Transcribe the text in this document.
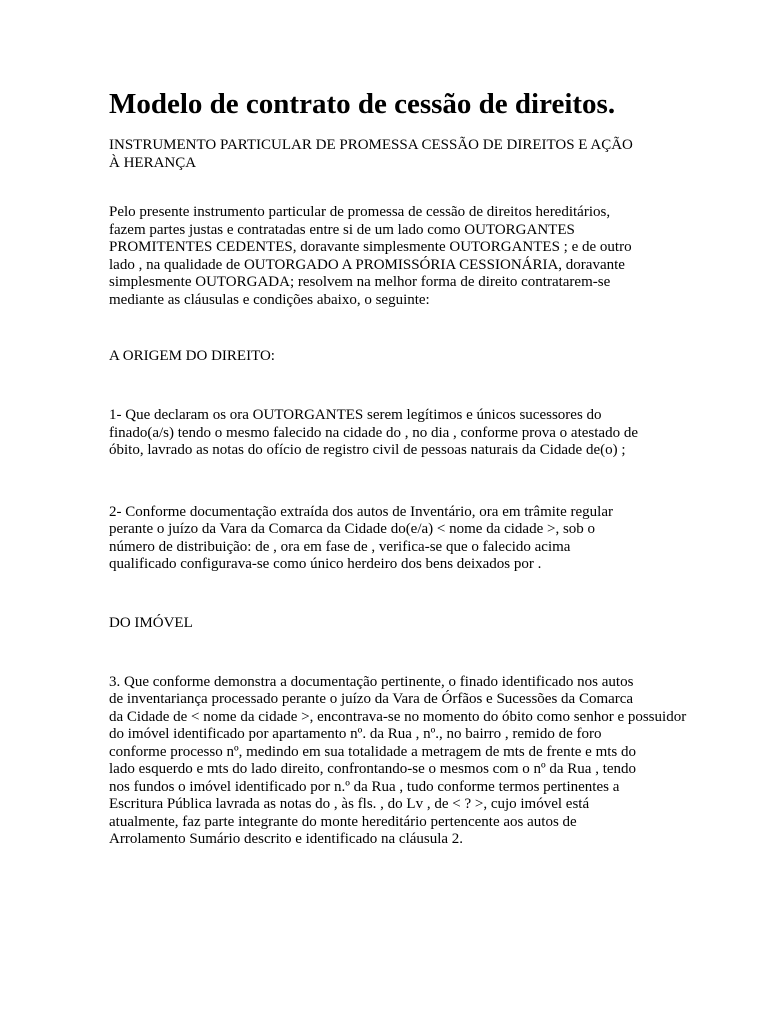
Modelo de contrato de cessão de direitos.
INSTRUMENTO PARTICULAR DE PROMESSA CESSÃO DE DIREITOS E AÇÃO
À HERANÇA
Pelo presente instrumento particular de promessa de cessão de direitos hereditários,
fazem partes justas e contratadas entre si de um lado como OUTORGANTES
PROMITENTES CEDENTES, doravante simplesmente OUTORGANTES ; e de outro
lado , na qualidade de OUTORGADO A PROMISSÓRIA CESSIONÁRIA, doravante
simplesmente OUTORGADA; resolvem na melhor forma de direito contratarem-se
mediante as cláusulas e condições abaixo, o seguinte:
A ORIGEM DO DIREITO:
1- Que declaram os ora OUTORGANTES serem legítimos e únicos sucessores do
finado(a/s) tendo o mesmo falecido na cidade do , no dia , conforme prova o atestado de
óbito, lavrado as notas do ofício de registro civil de pessoas naturais da Cidade de(o) ;
2- Conforme documentação extraída dos autos de Inventário, ora em trâmite regular
perante o juízo da Vara da Comarca da Cidade do(e/a) < nome da cidade >, sob o
número de distribuição: de , ora em fase de , verifica-se que o falecido acima
qualificado configurava-se como único herdeiro dos bens deixados por .
DO IMÓVEL
3. Que conforme demonstra a documentação pertinente, o finado identificado nos autos
de inventariança processado perante o juízo da Vara de Órfãos e Sucessões da Comarca
da Cidade de < nome da cidade >, encontrava-se no momento do óbito como senhor e possuidor
do imóvel identificado por apartamento nº. da Rua , nº., no bairro , remido de foro
conforme processo nº, medindo em sua totalidade a metragem de mts de frente e mts do
lado esquerdo e mts do lado direito, confrontando-se o mesmos com o nº da Rua , tendo
nos fundos o imóvel identificado por n.º da Rua , tudo conforme termos pertinentes a
Escritura Pública lavrada as notas do , às fls. , do Lv , de < ? >, cujo imóvel está
atualmente, faz parte integrante do monte hereditário pertencente aos autos de
Arrolamento Sumário descrito e identificado na cláusula 2.
